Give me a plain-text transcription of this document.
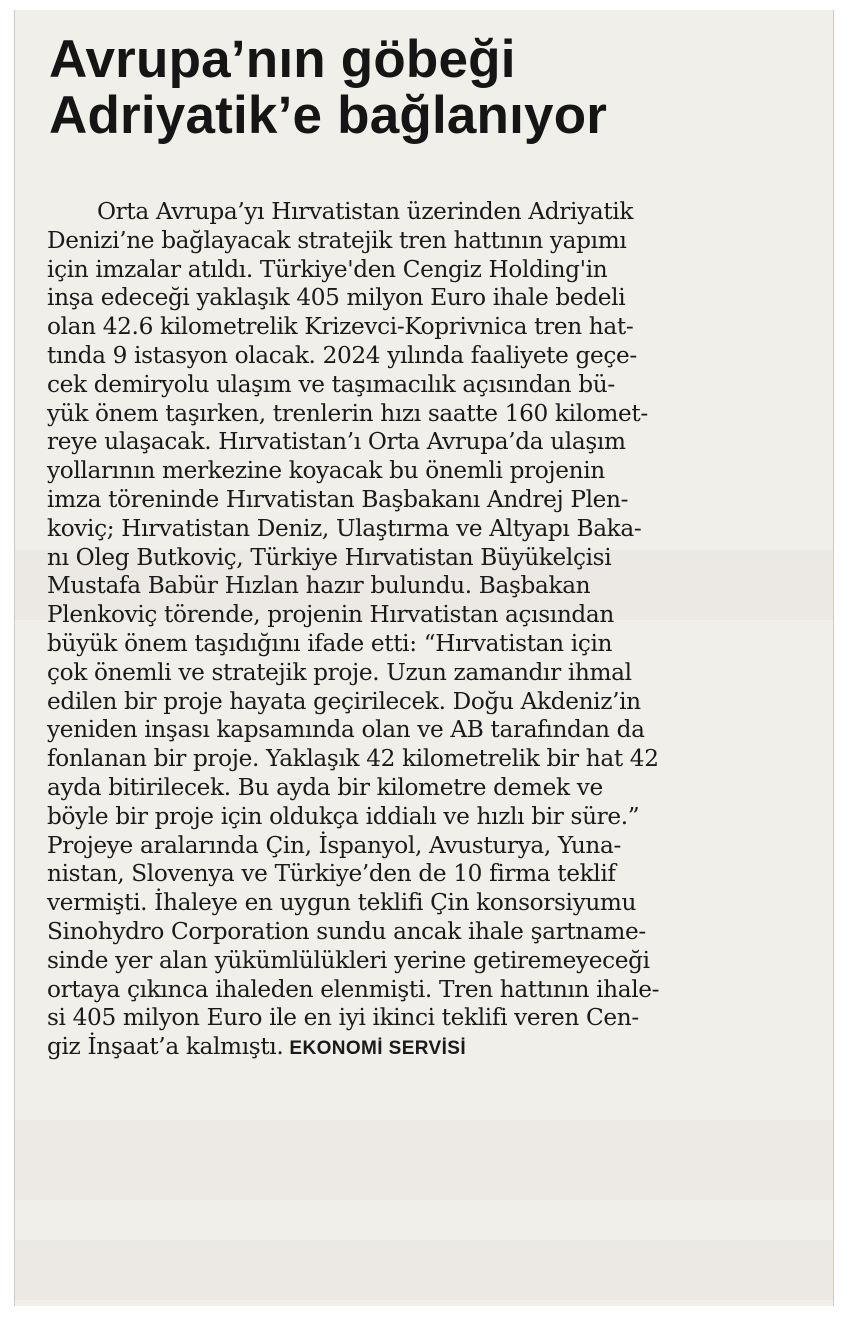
Avrupa’nın göbeği
Adriyatik’e bağlanıyor
Orta Avrupa’yı Hırvatistan üzerinden Adriyatik
Denizi’ne bağlayacak stratejik tren hattının yapımı
için imzalar atıldı. Türkiye'den Cengiz Holding'in
inşa edeceği yaklaşık 405 milyon Euro ihale bedeli
olan 42.6 kilometrelik Krizevci-Koprivnica tren hat-
tında 9 istasyon olacak. 2024 yılında faaliyete geçe-
cek demiryolu ulaşım ve taşımacılık açısından bü-
yük önem taşırken, trenlerin hızı saatte 160 kilomet-
reye ulaşacak. Hırvatistan’ı Orta Avrupa’da ulaşım
yollarının merkezine koyacak bu önemli projenin
imza töreninde Hırvatistan Başbakanı Andrej Plen-
koviç; Hırvatistan Deniz, Ulaştırma ve Altyapı Baka-
nı Oleg Butkoviç, Türkiye Hırvatistan Büyükelçisi
Mustafa Babür Hızlan hazır bulundu. Başbakan
Plenkoviç törende, projenin Hırvatistan açısından
büyük önem taşıdığını ifade etti: “Hırvatistan için
çok önemli ve stratejik proje. Uzun zamandır ihmal
edilen bir proje hayata geçirilecek. Doğu Akdeniz’in
yeniden inşası kapsamında olan ve AB tarafından da
fonlanan bir proje. Yaklaşık 42 kilometrelik bir hat 42
ayda bitirilecek. Bu ayda bir kilometre demek ve
böyle bir proje için oldukça iddialı ve hızlı bir süre.”
Projeye aralarında Çin, İspanyol, Avusturya, Yuna-
nistan, Slovenya ve Türkiye’den de 10 firma teklif
vermişti. İhaleye en uygun teklifi Çin konsorsiyumu
Sinohydro Corporation sundu ancak ihale şartname-
sinde yer alan yükümlülükleri yerine getiremeyeceği
ortaya çıkınca ihaleden elenmişti. Tren hattının ihale-
si 405 milyon Euro ile en iyi ikinci teklifi veren Cen-
giz İnşaat’a kalmıştı. EKONOMİ SERVİSİ
